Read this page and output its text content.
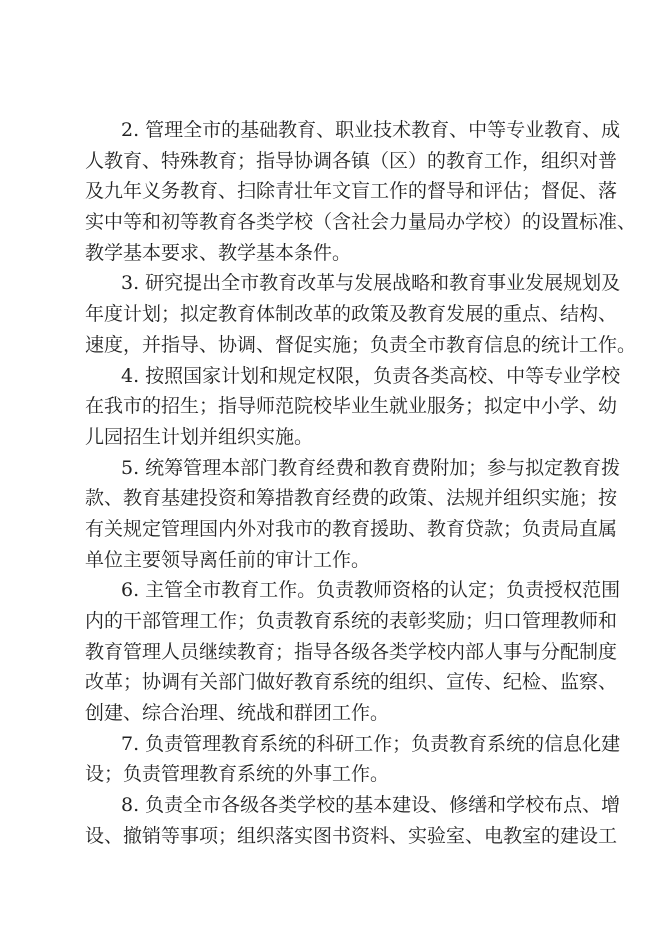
2. 管理全市的基础教育、职业技术教育、中等专业教育、成
人教育、特殊教育；指导协调各镇（区）的教育工作，组织对普
及九年义务教育、扫除青壮年文盲工作的督导和评估；督促、落
实中等和初等教育各类学校（含社会力量局办学校）的设置标准、
教学基本要求、教学基本条件。
3. 研究提出全市教育改革与发展战略和教育事业发展规划及
年度计划；拟定教育体制改革的政策及教育发展的重点、结构、
速度，并指导、协调、督促实施；负责全市教育信息的统计工作。
4. 按照国家计划和规定权限，负责各类高校、中等专业学校
在我市的招生；指导师范院校毕业生就业服务；拟定中小学、幼
儿园招生计划并组织实施。
5. 统筹管理本部门教育经费和教育费附加；参与拟定教育拨
款、教育基建投资和筹措教育经费的政策、法规并组织实施；按
有关规定管理国内外对我市的教育援助、教育贷款；负责局直属
单位主要领导离任前的审计工作。
6. 主管全市教育工作。负责教师资格的认定；负责授权范围
内的干部管理工作；负责教育系统的表彰奖励；归口管理教师和
教育管理人员继续教育；指导各级各类学校内部人事与分配制度
改革；协调有关部门做好教育系统的组织、宣传、纪检、监察、
创建、综合治理、统战和群团工作。
7. 负责管理教育系统的科研工作；负责教育系统的信息化建
设；负责管理教育系统的外事工作。
8. 负责全市各级各类学校的基本建设、修缮和学校布点、增
设、撤销等事项；组织落实图书资料、实验室、电教室的建设工
